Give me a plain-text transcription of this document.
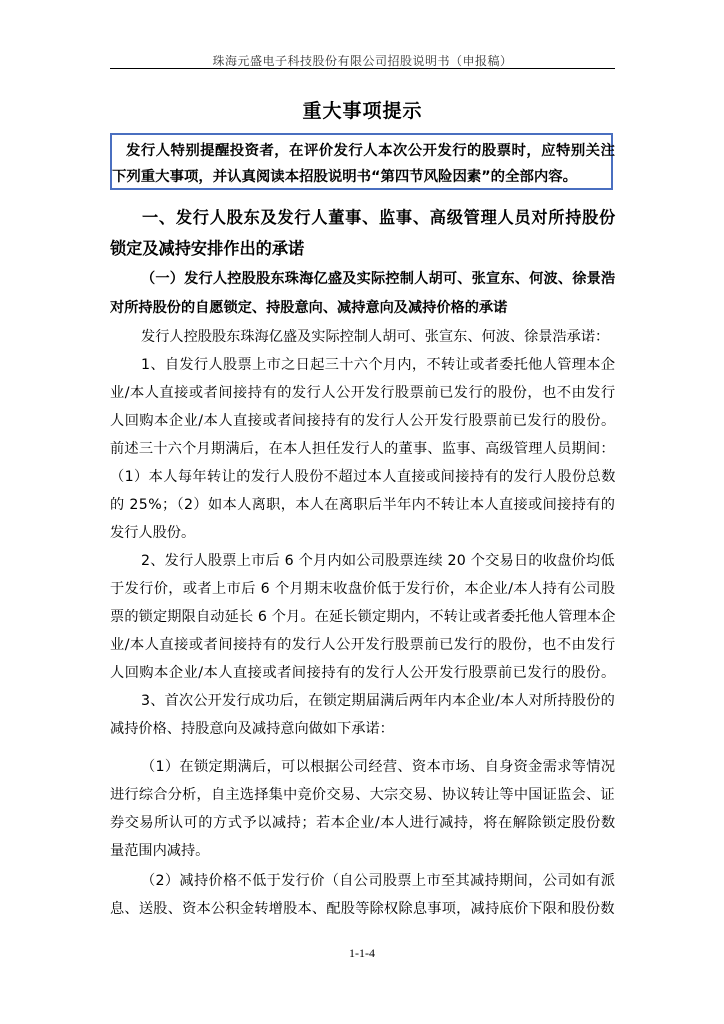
珠海元盛电子科技股份有限公司招股说明书（申报稿）
重大事项提示
发行人特别提醒投资者，在评价发行人本次公开发行的股票时，应特别关注
下列重大事项，并认真阅读本招股说明书“第四节风险因素”的全部内容。
一、发行人股东及发行人董事、监事、高级管理人员对所持股份
锁定及减持安排作出的承诺
（一）发行人控股股东珠海亿盛及实际控制人胡可、张宣东、何波、徐景浩
对所持股份的自愿锁定、持股意向、减持意向及减持价格的承诺
发行人控股股东珠海亿盛及实际控制人胡可、张宣东、何波、徐景浩承诺：
1、自发行人股票上市之日起三十六个月内，不转让或者委托他人管理本企
业/本人直接或者间接持有的发行人公开发行股票前已发行的股份，也不由发行
人回购本企业/本人直接或者间接持有的发行人公开发行股票前已发行的股份。
前述三十六个月期满后，在本人担任发行人的董事、监事、高级管理人员期间：
（1）本人每年转让的发行人股份不超过本人直接或间接持有的发行人股份总数
的 25%；（2）如本人离职，本人在离职后半年内不转让本人直接或间接持有的
发行人股份。
2、发行人股票上市后 6 个月内如公司股票连续 20 个交易日的收盘价均低
于发行价，或者上市后 6 个月期末收盘价低于发行价，本企业/本人持有公司股
票的锁定期限自动延长 6 个月。在延长锁定期内，不转让或者委托他人管理本企
业/本人直接或者间接持有的发行人公开发行股票前已发行的股份，也不由发行
人回购本企业/本人直接或者间接持有的发行人公开发行股票前已发行的股份。
3、首次公开发行成功后，在锁定期届满后两年内本企业/本人对所持股份的
减持价格、持股意向及减持意向做如下承诺：
（1）在锁定期满后，可以根据公司经营、资本市场、自身资金需求等情况
进行综合分析，自主选择集中竞价交易、大宗交易、协议转让等中国证监会、证
券交易所认可的方式予以减持；若本企业/本人进行减持，将在解除锁定股份数
量范围内减持。
（2）减持价格不低于发行价（自公司股票上市至其减持期间，公司如有派
息、送股、资本公积金转增股本、配股等除权除息事项，减持底价下限和股份数
1-1-4
